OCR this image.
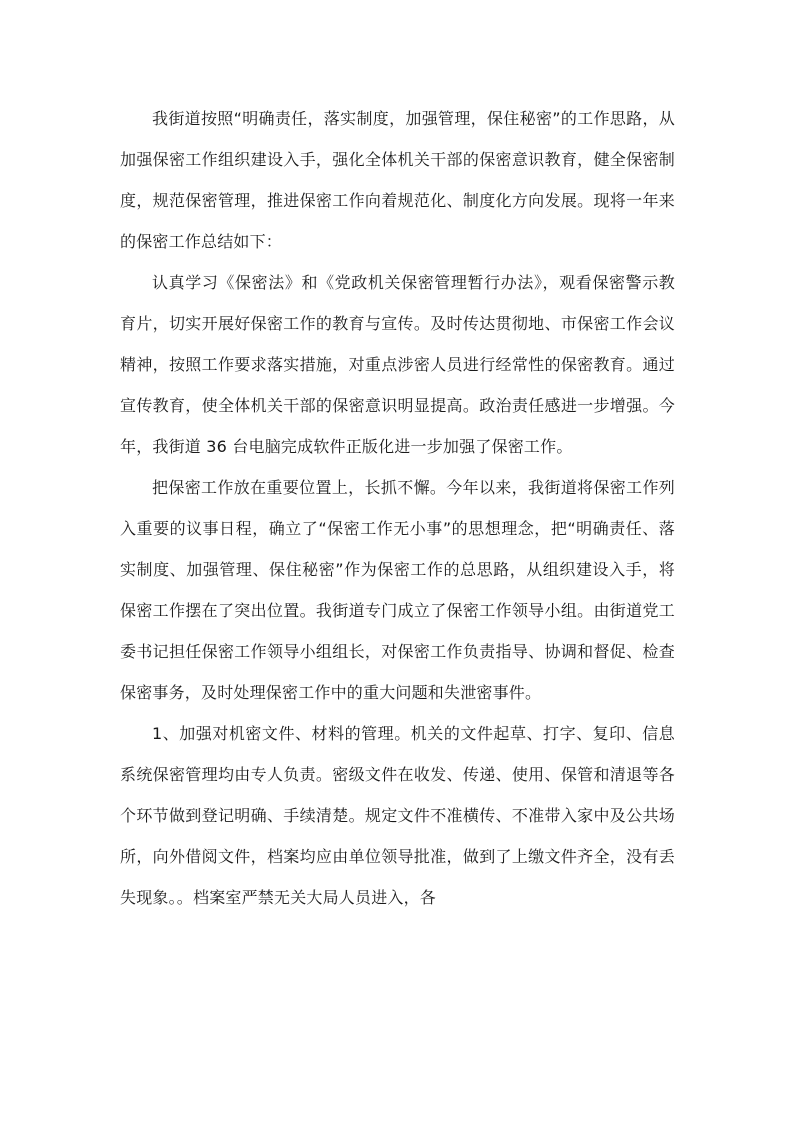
我街道按照“明确责任，落实制度，加强管理，保住秘密”的工作思路，从加强保密工作组织建设入手，强化全体机关干部的保密意识教育，健全保密制度，规范保密管理，推进保密工作向着规范化、制度化方向发展。现将一年来的保密工作总结如下：

认真学习《保密法》和《党政机关保密管理暂行办法》，观看保密警示教育片，切实开展好保密工作的教育与宣传。及时传达贯彻地、市保密工作会议精神，按照工作要求落实措施，对重点涉密人员进行经常性的保密教育。通过宣传教育，使全体机关干部的保密意识明显提高。政治责任感进一步增强。今年，我街道 36 台电脑完成软件正版化进一步加强了保密工作。

把保密工作放在重要位置上，长抓不懈。今年以来，我街道将保密工作列入重要的议事日程，确立了“保密工作无小事”的思想理念，把“明确责任、落实制度、加强管理、保住秘密”作为保密工作的总思路，从组织建设入手，将保密工作摆在了突出位置。我街道专门成立了保密工作领导小组。由街道党工委书记担任保密工作领导小组组长，对保密工作负责指导、协调和督促、检查保密事务，及时处理保密工作中的重大问题和失泄密事件。

1、加强对机密文件、材料的管理。机关的文件起草、打字、复印、信息系统保密管理均由专人负责。密级文件在收发、传递、使用、保管和清退等各个环节做到登记明确、手续清楚。规定文件不准横传、不准带入家中及公共场所，向外借阅文件，档案均应由单位领导批准，做到了上缴文件齐全，没有丢失现象。。档案室严禁无关大局人员进入，各
